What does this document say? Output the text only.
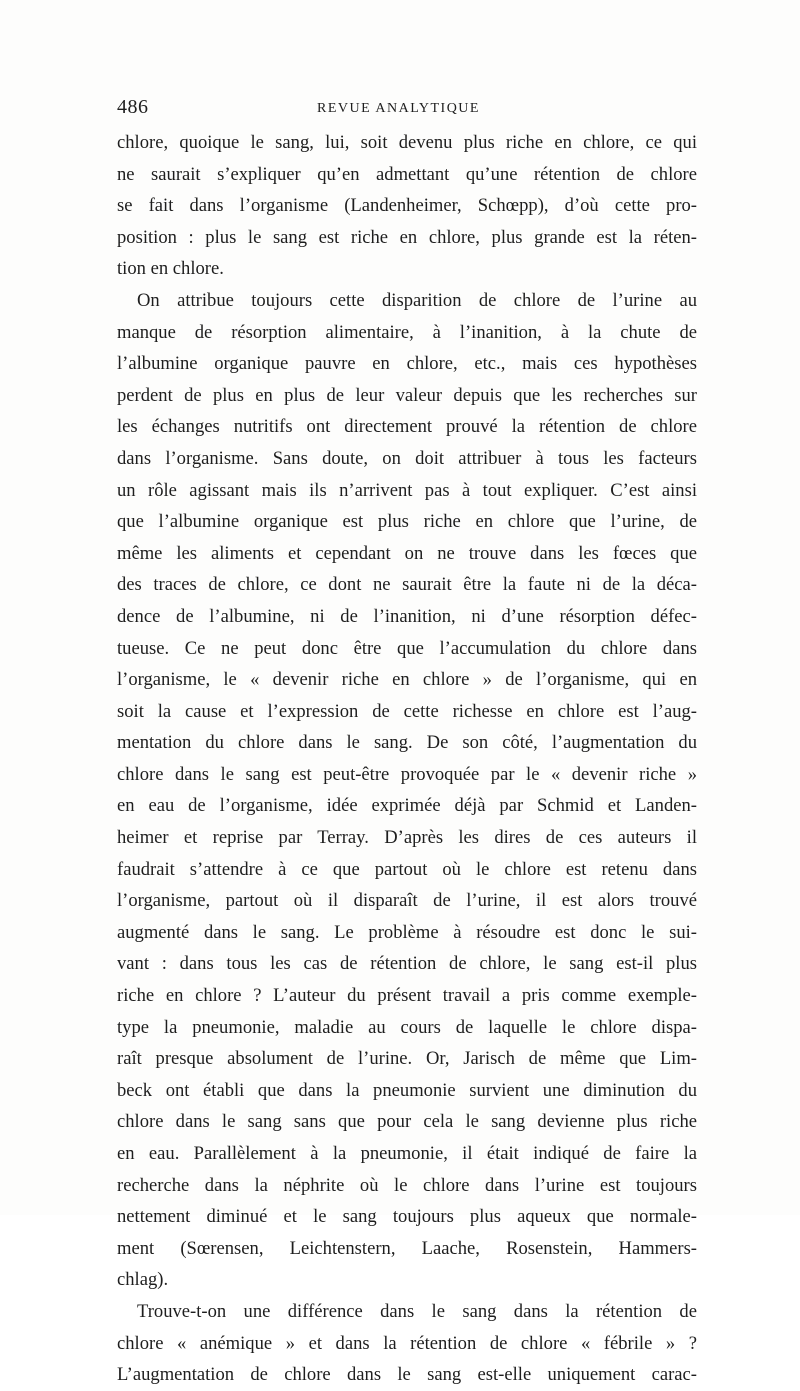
486	REVUE ANALYTIQUE
chlore, quoique le sang, lui, soit devenu plus riche en chlore, ce qui
ne saurait s’expliquer qu’en admettant qu’une rétention de chlore
se fait dans l’organisme (Landenheimer, Schœpp), d’où cette pro-
position : plus le sang est riche en chlore, plus grande est la réten-
tion en chlore.
On attribue toujours cette disparition de chlore de l’urine au
manque de résorption alimentaire, à l’inanition, à la chute de
l’albumine organique pauvre en chlore, etc., mais ces hypothèses
perdent de plus en plus de leur valeur depuis que les recherches sur
les échanges nutritifs ont directement prouvé la rétention de chlore
dans l’organisme. Sans doute, on doit attribuer à tous les facteurs
un rôle agissant mais ils n’arrivent pas à tout expliquer. C’est ainsi
que l’albumine organique est plus riche en chlore que l’urine, de
même les aliments et cependant on ne trouve dans les fœces que
des traces de chlore, ce dont ne saurait être la faute ni de la déca-
dence de l’albumine, ni de l’inanition, ni d’une résorption défec-
tueuse. Ce ne peut donc être que l’accumulation du chlore dans
l’organisme, le « devenir riche en chlore » de l’organisme, qui en
soit la cause et l’expression de cette richesse en chlore est l’aug-
mentation du chlore dans le sang. De son côté, l’augmentation du
chlore dans le sang est peut-être provoquée par le « devenir riche »
en eau de l’organisme, idée exprimée déjà par Schmid et Landen-
heimer et reprise par Terray. D’après les dires de ces auteurs il
faudrait s’attendre à ce que partout où le chlore est retenu dans
l’organisme, partout où il disparaît de l’urine, il est alors trouvé
augmenté dans le sang. Le problème à résoudre est donc le sui-
vant : dans tous les cas de rétention de chlore, le sang est-il plus
riche en chlore ? L’auteur du présent travail a pris comme exemple-
type la pneumonie, maladie au cours de laquelle le chlore dispa-
raît presque absolument de l’urine. Or, Jarisch de même que Lim-
beck ont établi que dans la pneumonie survient une diminution du
chlore dans le sang sans que pour cela le sang devienne plus riche
en eau. Parallèlement à la pneumonie, il était indiqué de faire la
recherche dans la néphrite où le chlore dans l’urine est toujours
nettement diminué et le sang toujours plus aqueux que normale-
ment (Sœrensen, Leichtenstern, Laache, Rosenstein, Hammers-
chlag).
Trouve-t-on une différence dans le sang dans la rétention de
chlore « anémique » et dans la rétention de chlore « fébrile » ?
L’augmentation de chlore dans le sang est-elle uniquement carac-
